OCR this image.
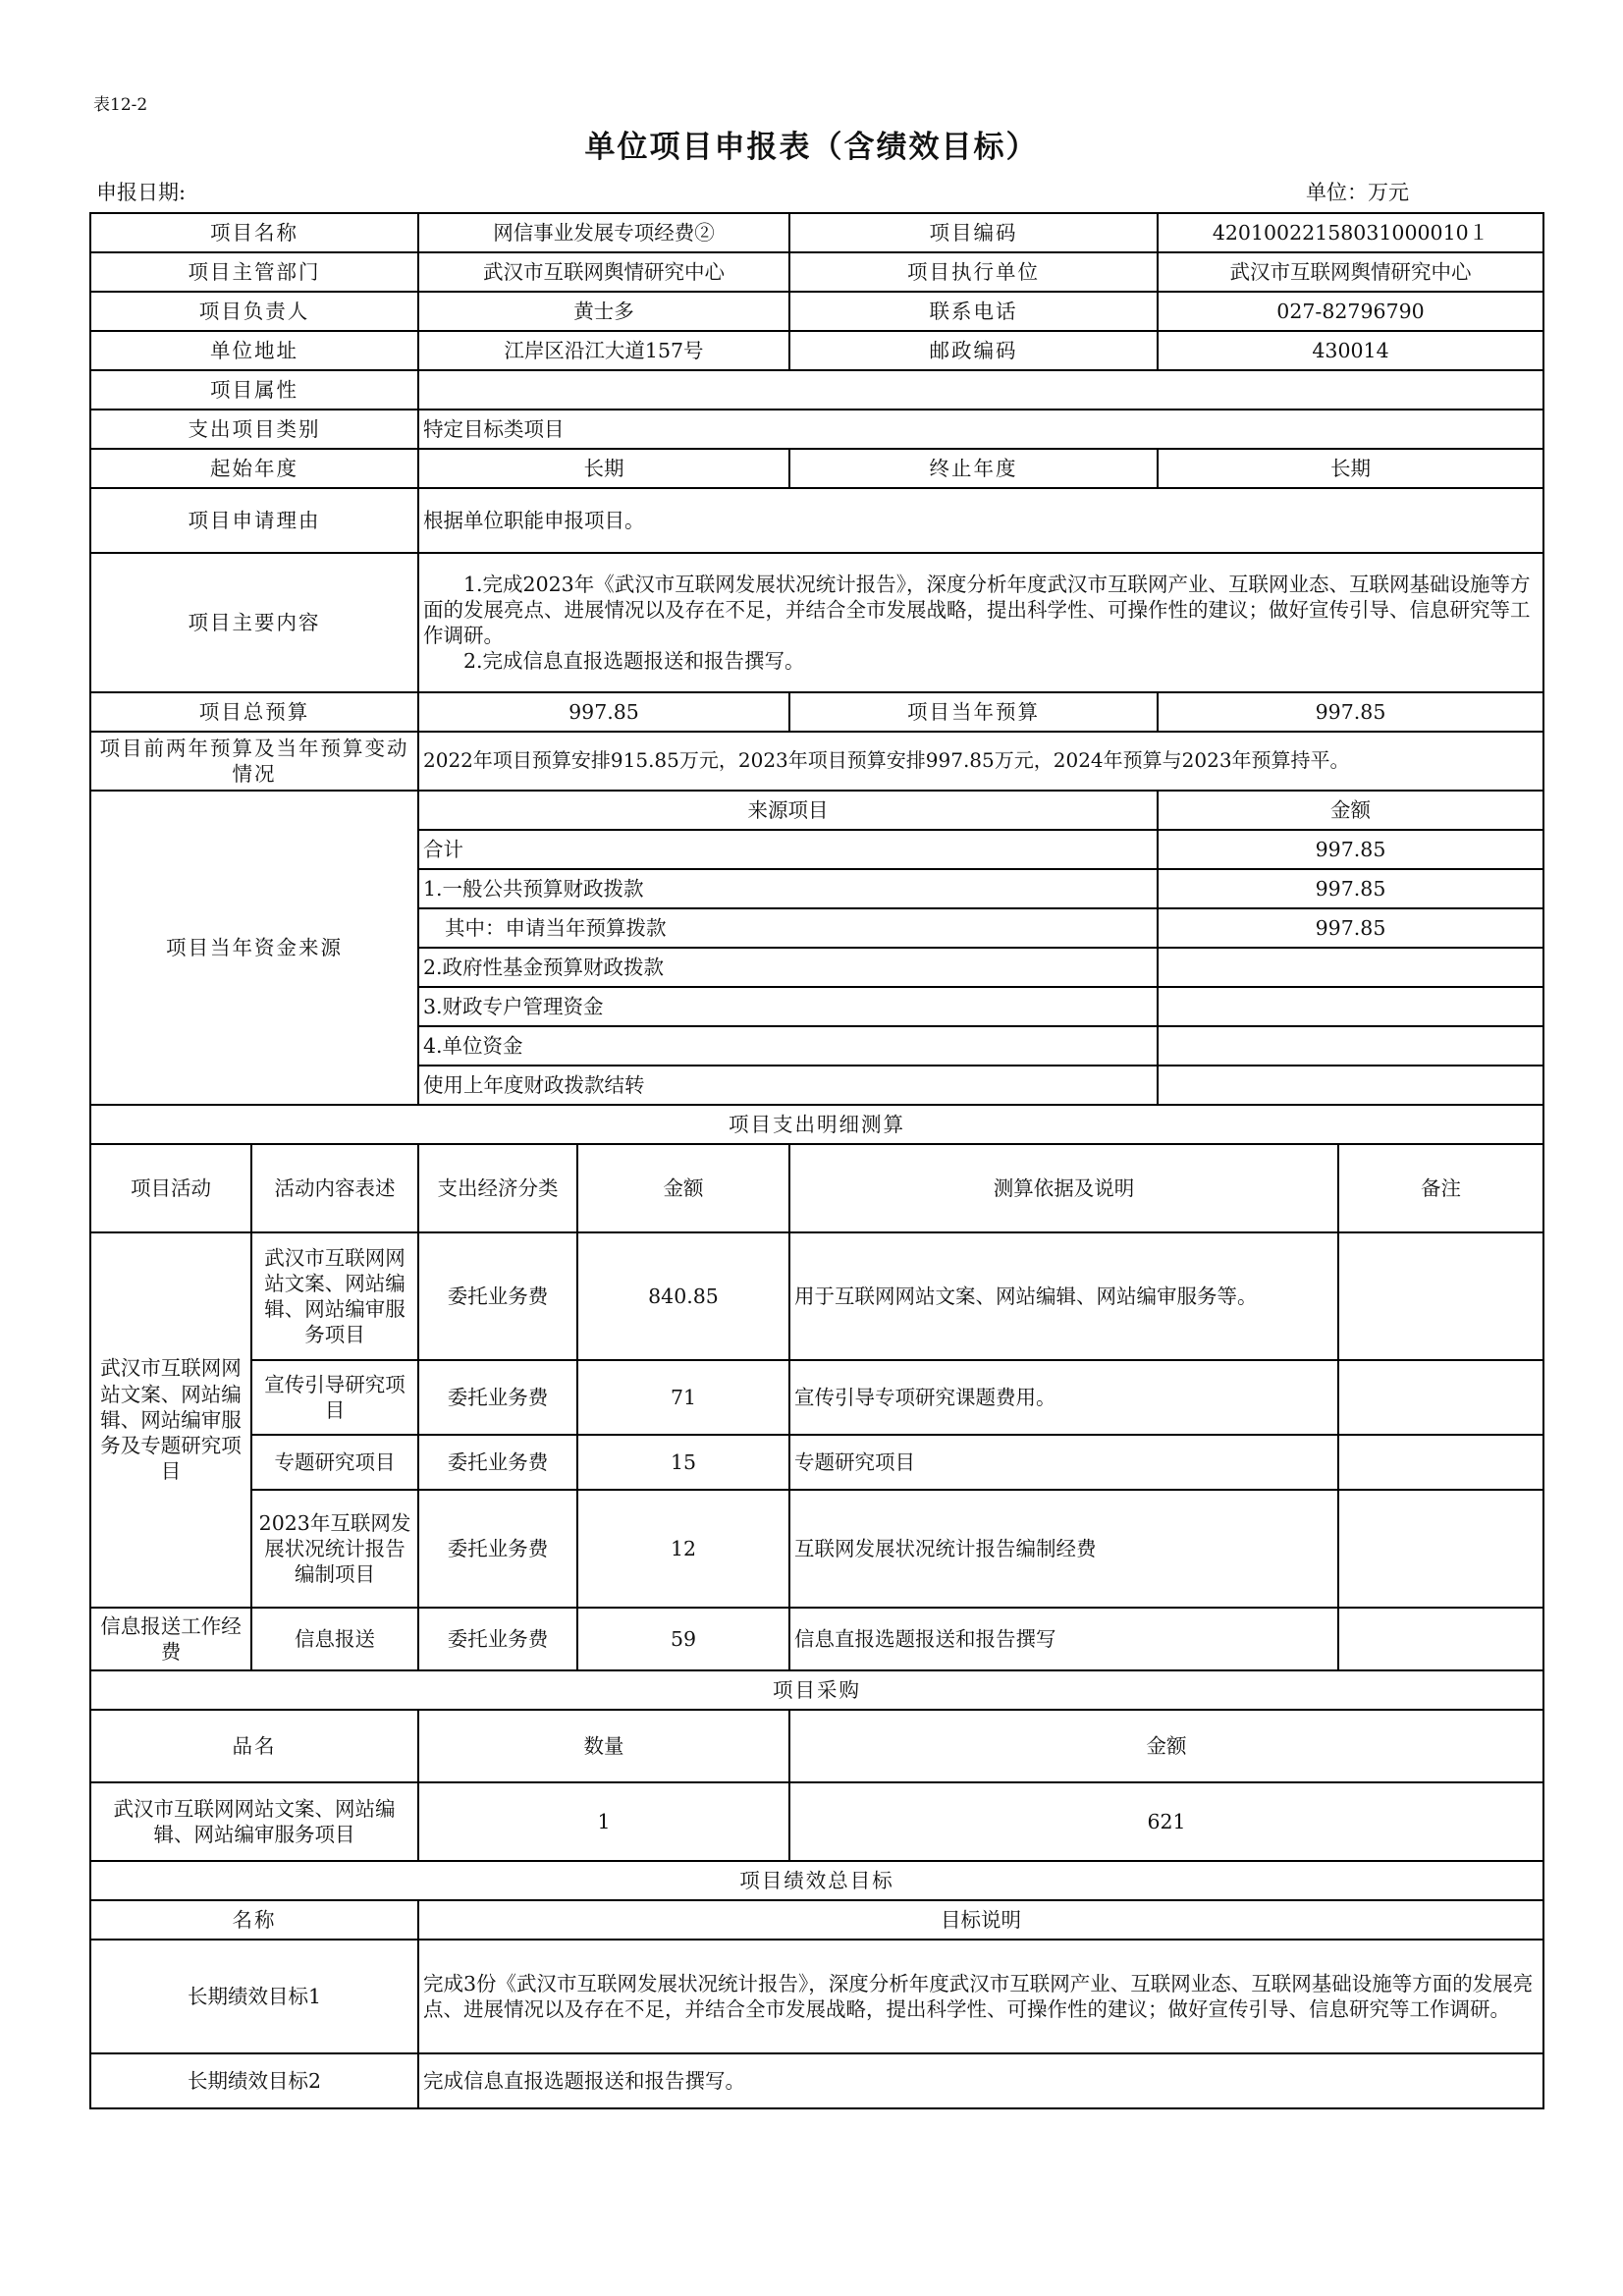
表12-2
单位项目申报表（含绩效目标）
申报日期:	单位：万元
项目名称		网信事业发展专项经费②		项目编码	42010022158031000010１	
项目主管部门		武汉市互联网舆情研究中心		项目执行单位	武汉市互联网舆情研究中心	
项目负责人		黄士多		联系电话	027-82796790	
单位地址		江岸区沿江大道157号		邮政编码	430014	
项目属性						
支出项目类别		特定目标类项目				
起始年度		长期		终止年度	长期	
项目申请理由		根据单位职能申报项目。				
项目主要内容		1.完成2023年《武汉市互联网发展状况统计报告》，深度分析年度武汉市互联网产业、互联网业态、互联网基础设施等方面的发展亮点、进展情况以及存在不足，并结合全市发展战略，提出科学性、可操作性的建议；做好宣传引导、信息研究等工作调研。
2.完成信息直报选题报送和报告撰写。				

项目总预算		997.85		项目当年预算	997.85	
项目前两年预算及当年预算变动情况		2022年项目预算安排915.85万元，2023年项目预算安排997.85万元，2024年预算与2023年预算持平。				
项目当年资金来源		来源项目			金额	
		合计			997.85	
		1.一般公共预算财政拨款			997.85	
		其中：申请当年预算拨款			997.85	
		2.政府性基金预算财政拨款				
		3.财政专户管理资金				
		4.单位资金				
		使用上年度财政拨款结转				
项目支出明细测算						
项目活动	活动内容表述	支出经济分类	金额	测算依据及说明		备注
武汉市互联网网站文案、网站编辑、网站编审服务及专题研究项目	武汉市互联网网站文案、网站编辑、网站编审服务项目	委托业务费	840.85	用于互联网网站文案、网站编辑、网站编审服务等。		
	宣传引导研究项目	委托业务费	71	宣传引导专项研究课题费用。		
	专题研究项目	委托业务费	15	专题研究项目		
	2023年互联网发展状况统计报告编制项目	委托业务费	12	互联网发展状况统计报告编制经费		
信息报送工作经费	信息报送	委托业务费	59	信息直报选题报送和报告撰写		
项目采购						
品名		数量		金额		
武汉市互联网网站文案、网站编辑、网站编审服务项目		1		621		
项目绩效总目标						
名称		目标说明				
长期绩效目标1		完成3份《武汉市互联网发展状况统计报告》，深度分析年度武汉市互联网产业、互联网业态、互联网基础设施等方面的发展亮点、进展情况以及存在不足，并结合全市发展战略，提出科学性、可操作性的建议；做好宣传引导、信息研究等工作调研。				
长期绩效目标2		完成信息直报选题报送和报告撰写。				
